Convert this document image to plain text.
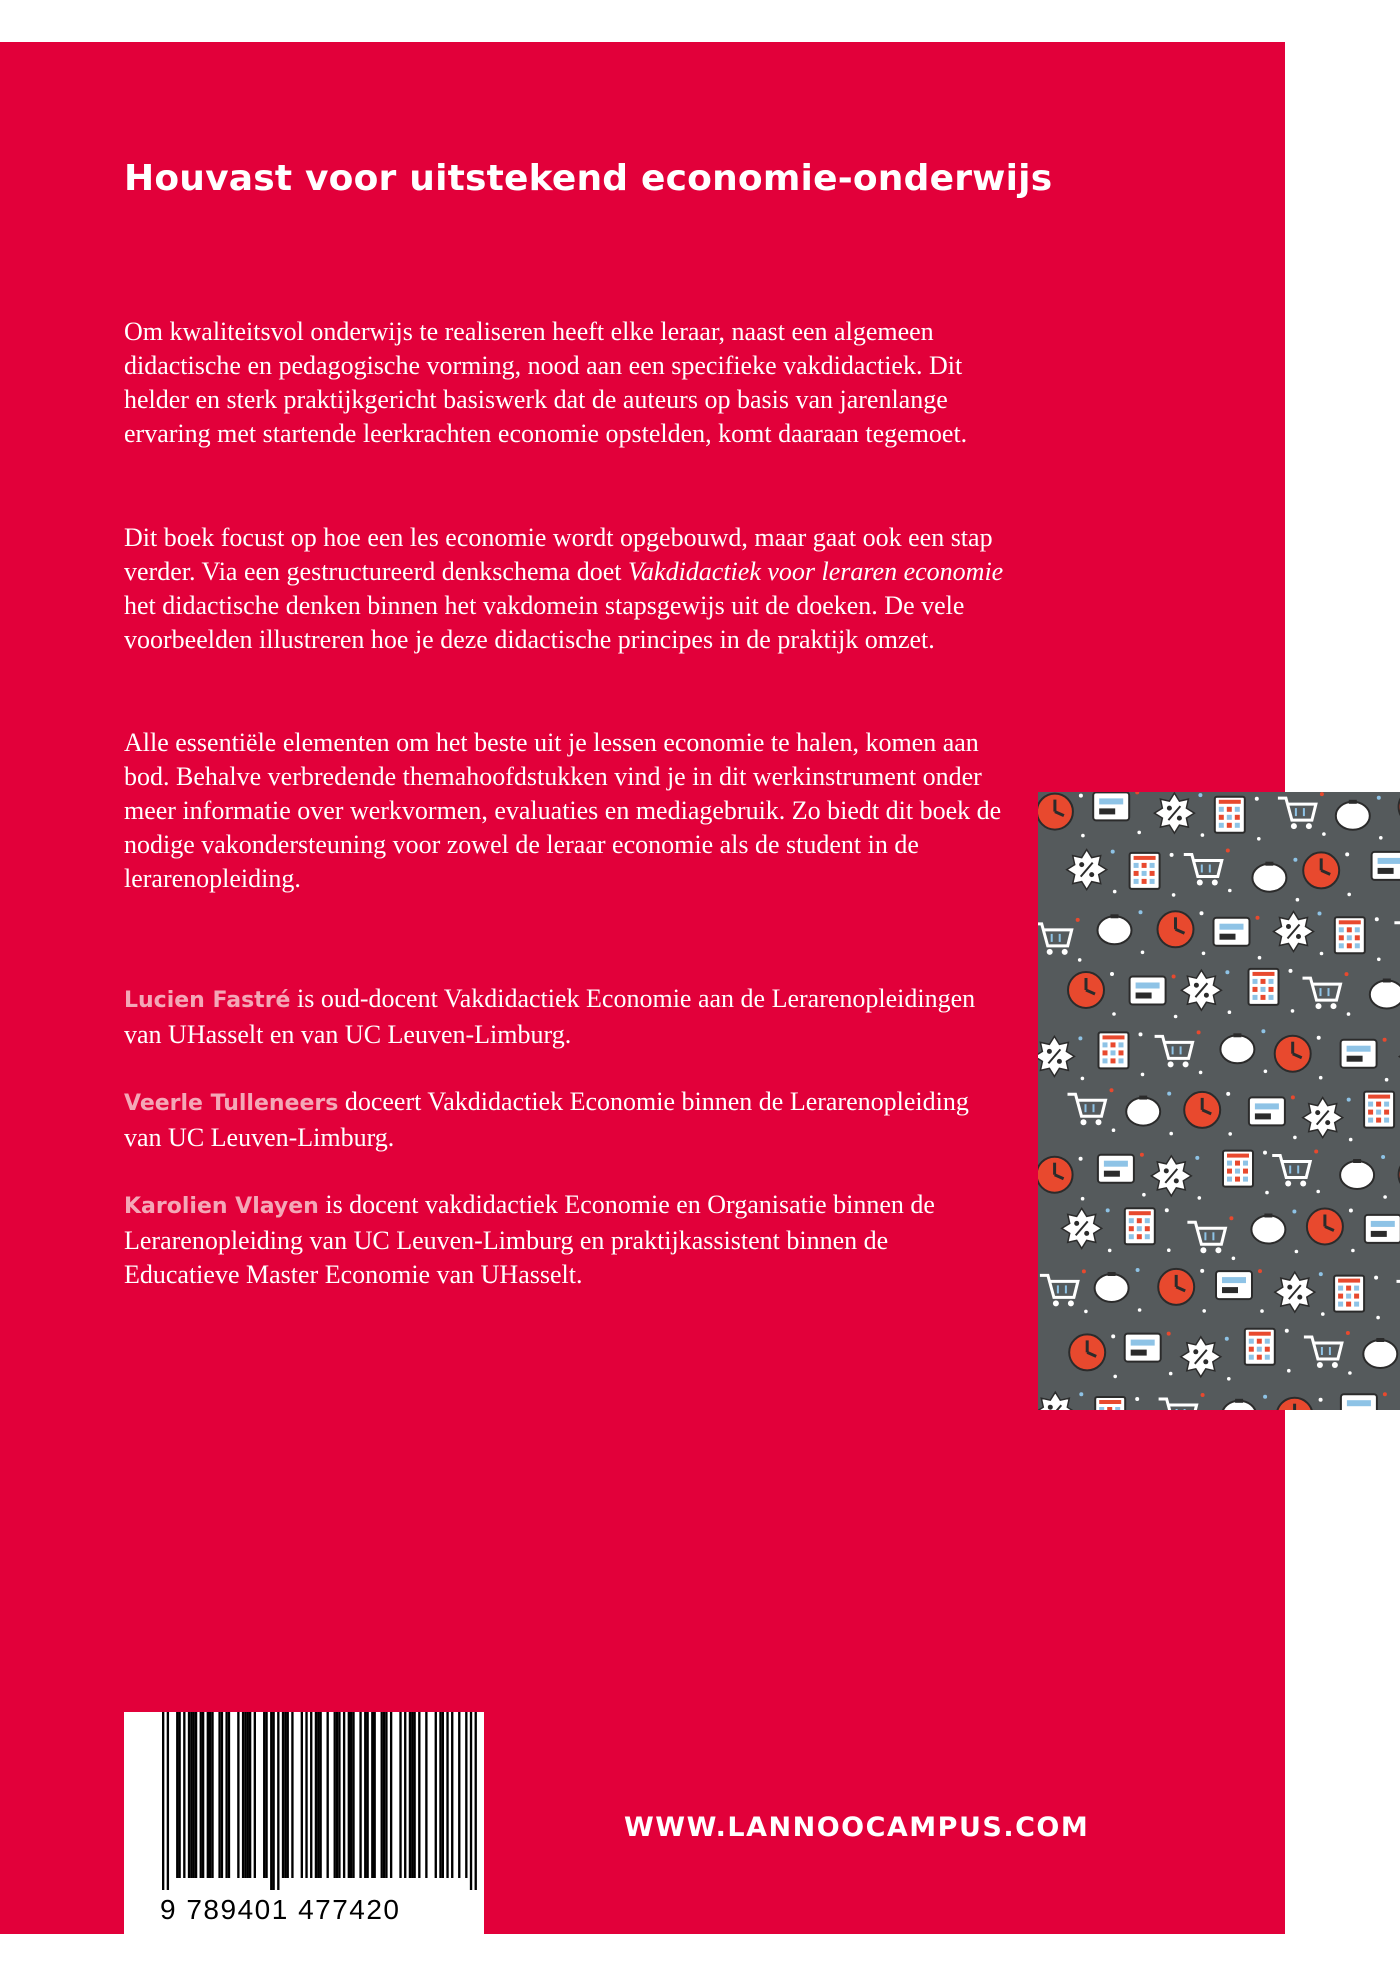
Houvast voor uitstekend economie-onderwijs

Om kwaliteitsvol onderwijs te realiseren heeft elke leraar, naast een algemeen didactische en pedagogische vorming, nood aan een specifieke vakdidactiek. Dit helder en sterk praktijkgericht basiswerk dat de auteurs op basis van jarenlange ervaring met startende leerkrachten economie opstelden, komt daaraan tegemoet.

Dit boek focust op hoe een les economie wordt opgebouwd, maar gaat ook een stap verder. Via een gestructureerd denkschema doet Vakdidactiek voor leraren economie het didactische denken binnen het vakdomein stapsgewijs uit de doeken. De vele voorbeelden illustreren hoe je deze didactische principes in de praktijk omzet.

Alle essentiële elementen om het beste uit je lessen economie te halen, komen aan bod. Behalve verbredende themahoofdstukken vind je in dit werkinstrument onder meer informatie over werkvormen, evaluaties en mediagebruik. Zo biedt dit boek de nodige vakondersteuning voor zowel de leraar economie als de student in de lerarenopleiding.

Lucien Fastré is oud-docent Vakdidactiek Economie aan de Lerarenopleidingen van UHasselt en van UC Leuven-Limburg.

Veerle Tulleneers doceert Vakdidactiek Economie binnen de Lerarenopleiding van UC Leuven-Limburg.

Karolien Vlayen is docent vakdidactiek Economie en Organisatie binnen de Lerarenopleiding van UC Leuven-Limburg en praktijkassistent binnen de Educatieve Master Economie van UHasselt.

9 789401 477420

WWW.LANNOOCAMPUS.COM
